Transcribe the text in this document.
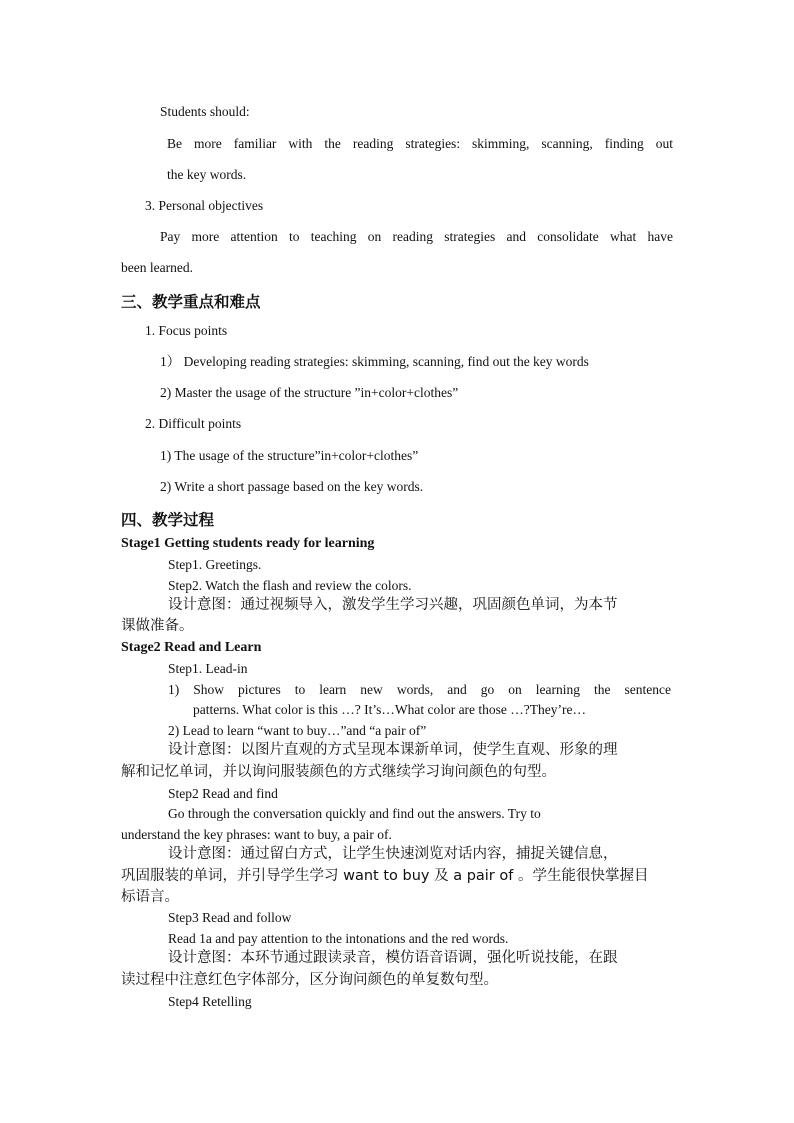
Students should:
Be more familiar with the reading strategies: skimming, scanning, finding out
the key words.
3. Personal objectives
Pay more attention to teaching on reading strategies and consolidate what have
been learned.
三、教学重点和难点
1. Focus points
1） Developing reading strategies: skimming, scanning, find out the key words
2) Master the usage of the structure ”in+color+clothes”
2. Difficult points
1) The usage of the structure”in+color+clothes”
2) Write a short passage based on the key words.
四、教学过程
Stage1 Getting students ready for learning
Step1. Greetings.
Step2. Watch the flash and review the colors.
设计意图：通过视频导入，激发学生学习兴趣，巩固颜色单词，为本节
课做准备。
Stage2 Read and Learn
Step1. Lead-in
1) Show pictures to learn new words, and go on learning the sentence
patterns. What color is this …? It’s…What color are those …?They’re…
2) Lead to learn “want to buy…”and “a pair of”
设计意图：以图片直观的方式呈现本课新单词，使学生直观、形象的理
解和记忆单词，并以询问服装颜色的方式继续学习询问颜色的句型。
Step2 Read and find
Go through the conversation quickly and find out the answers. Try to
understand the key phrases: want to buy, a pair of.
设计意图：通过留白方式，让学生快速浏览对话内容，捕捉关键信息，
巩固服装的单词，并引导学生学习 want to buy 及 a pair of 。学生能很快掌握目
标语言。
Step3 Read and follow
Read 1a and pay attention to the intonations and the red words.
设计意图：本环节通过跟读录音，模仿语音语调，强化听说技能，在跟
读过程中注意红色字体部分，区分询问颜色的单复数句型。
Step4 Retelling
